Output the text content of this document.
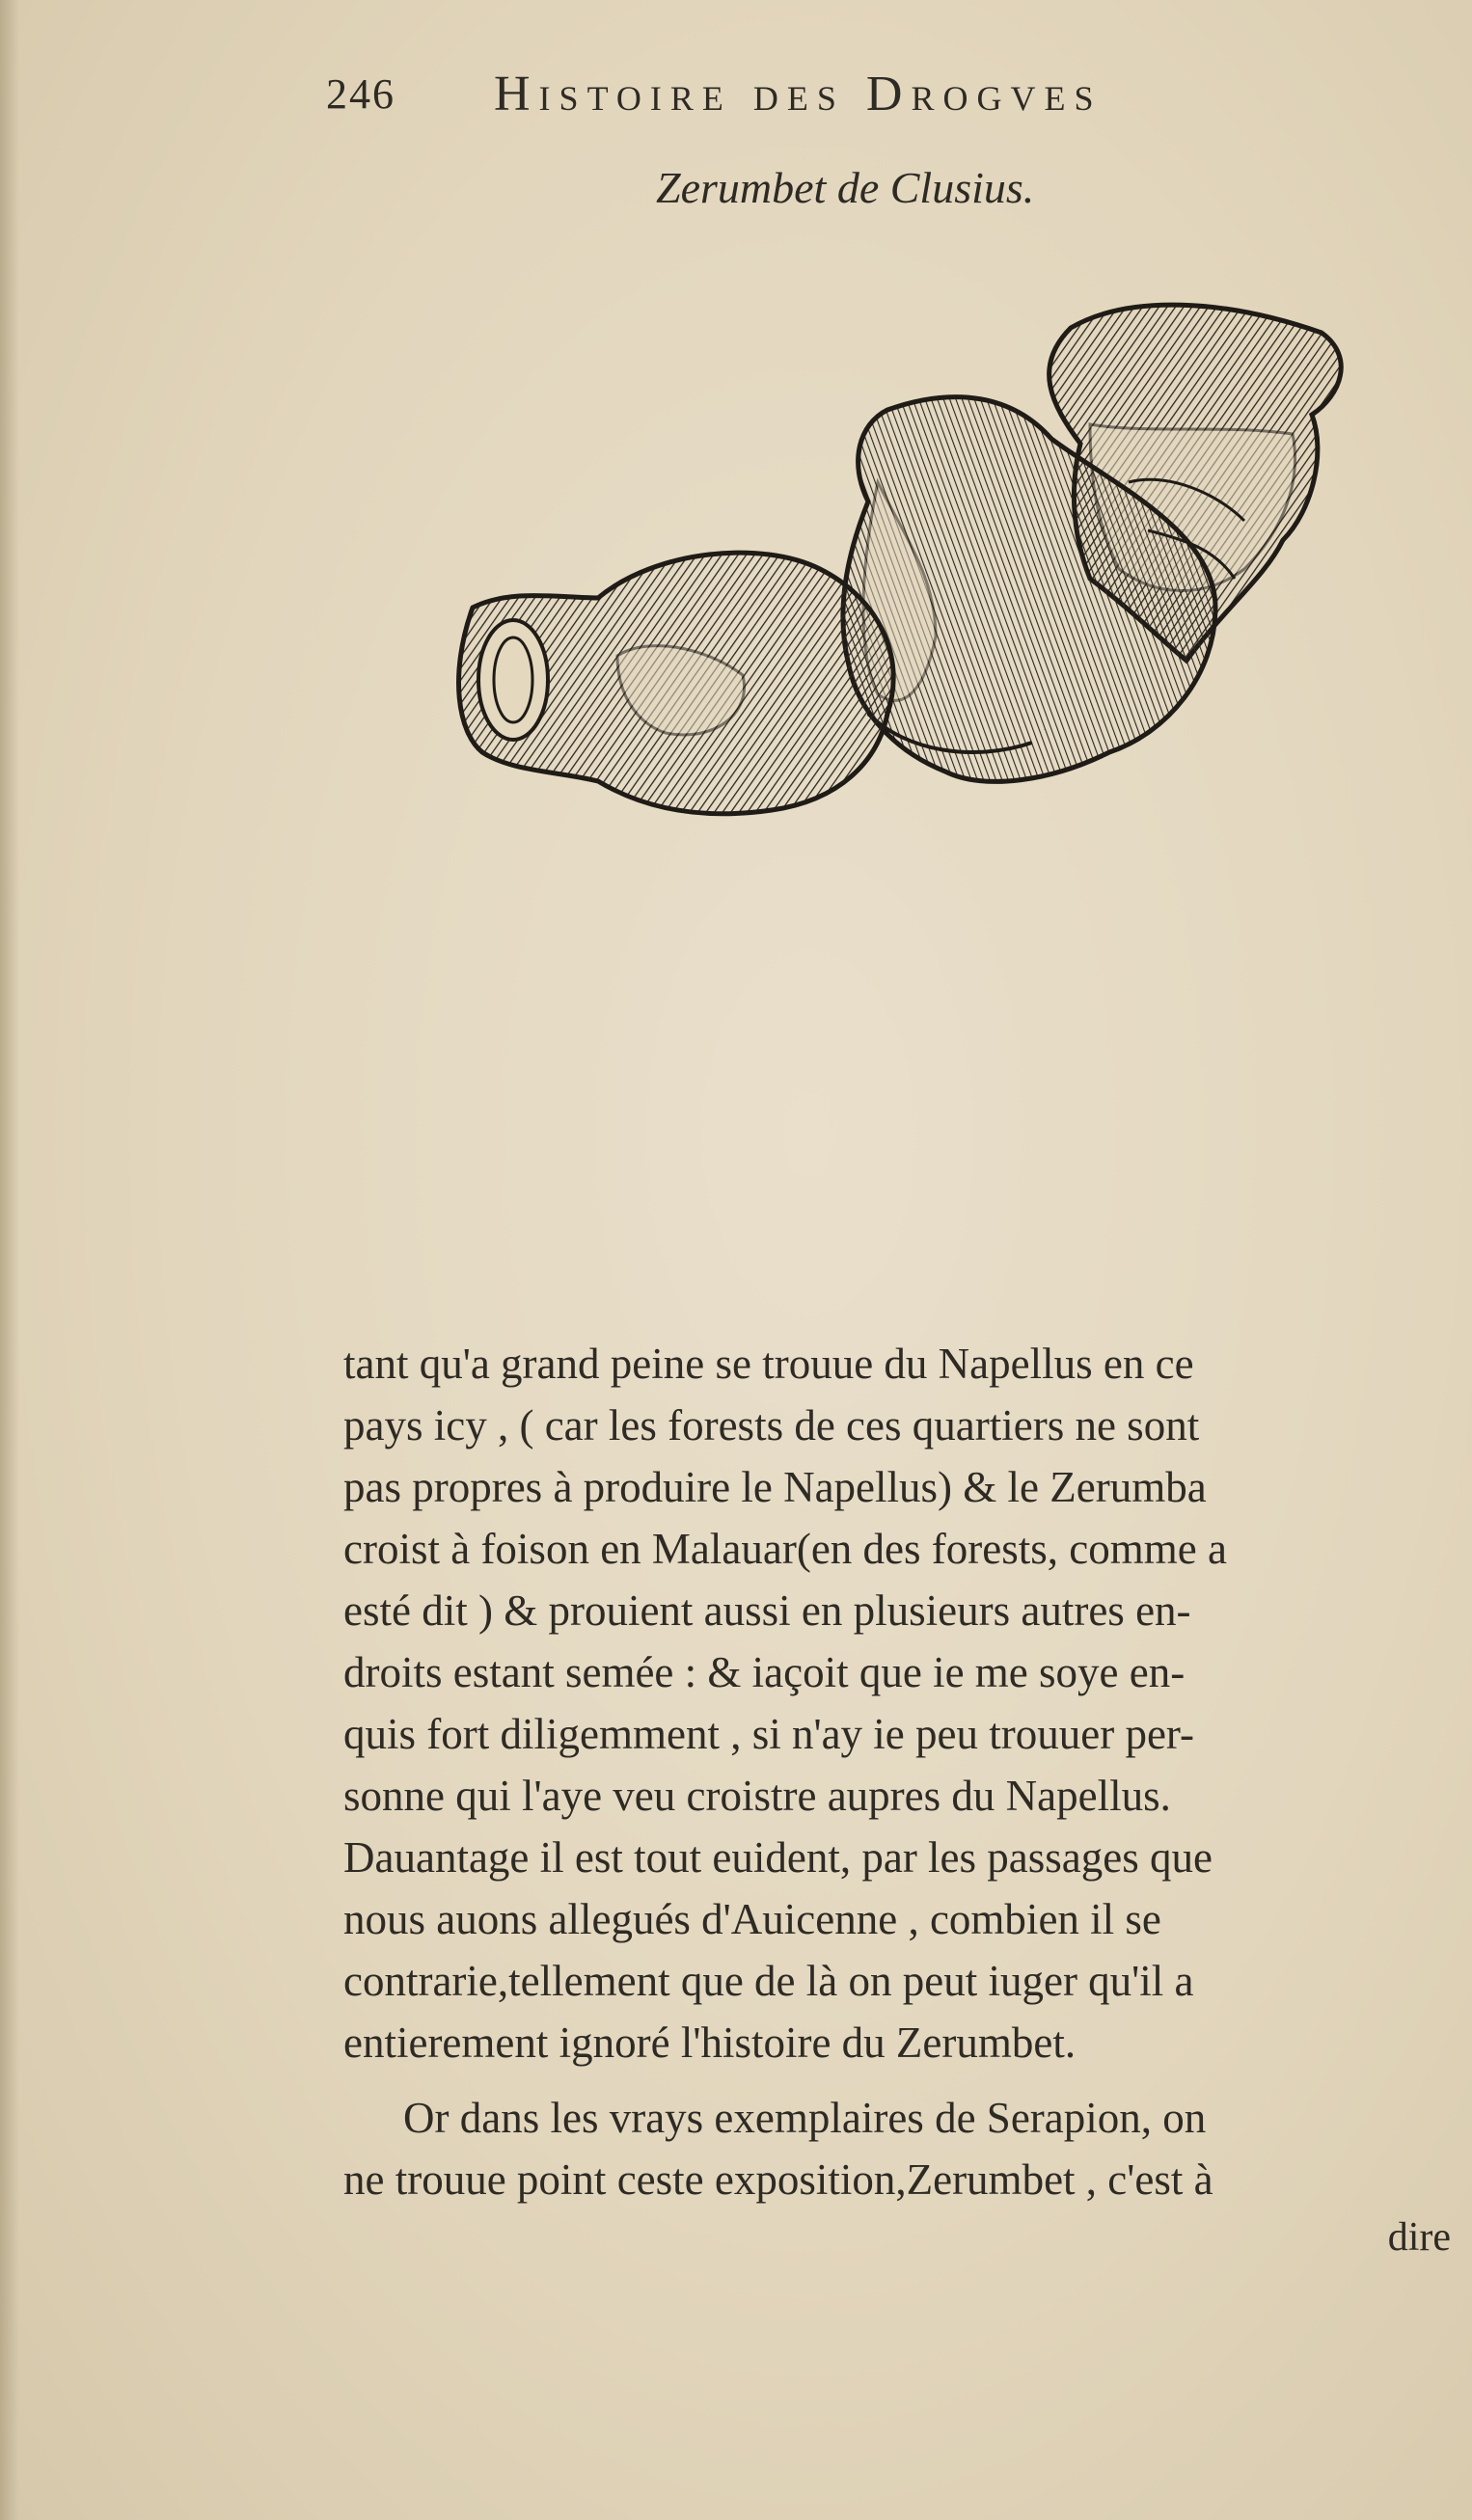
246 Histoire des Drogves
Zerumbet de Clusius.
tant qu'a grand peine se trouue du Napellus en ce
pays icy , ( car les forests de ces quartiers ne sont
pas propres à produire le Napellus) & le Zerumba
croist à foison en Malauar(en des forests, comme a
esté dit ) & prouient aussi en plusieurs autres en-
droits estant semée : & iaçoit que ie me soye en-
quis fort diligemment , si n'ay ie peu trouuer per-
sonne qui l'aye veu croistre aupres du Napellus.
Dauantage il est tout euident, par les passages que
nous auons allegués d'Auicenne , combien il se
contrarie,tellement que de là on peut iuger qu'il a
entierement ignoré l'histoire du Zerumbet.
Or dans les vrays exemplaires de Serapion, on
ne trouue point ceste exposition,Zerumbet , c'est à
dire
